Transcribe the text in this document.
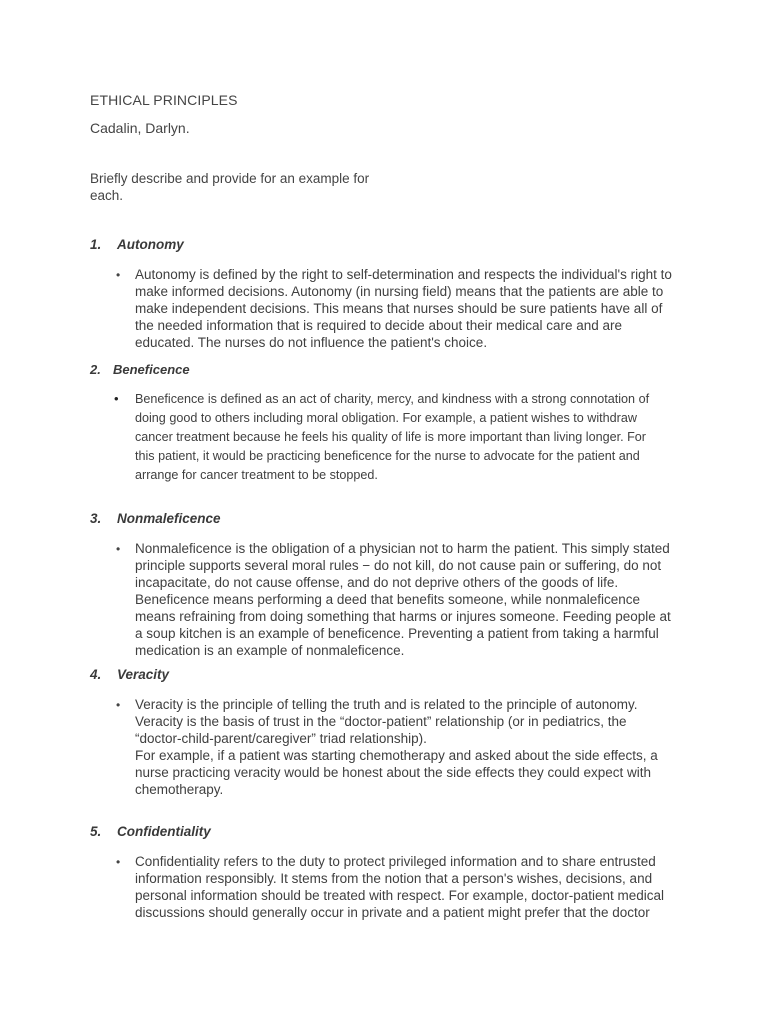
ETHICAL PRINCIPLES
Cadalin, Darlyn.
Briefly describe and provide for an example for each.
1. Autonomy
• Autonomy is defined by the right to self-determination and respects the individual's right to make informed decisions. Autonomy (in nursing field) means that the patients are able to make independent decisions. This means that nurses should be sure patients have all of the needed information that is required to decide about their medical care and are educated. The nurses do not influence the patient's choice.
2. Beneficence
• Beneficence is defined as an act of charity, mercy, and kindness with a strong connotation of doing good to others including moral obligation. For example, a patient wishes to withdraw cancer treatment because he feels his quality of life is more important than living longer. For this patient, it would be practicing beneficence for the nurse to advocate for the patient and arrange for cancer treatment to be stopped.
3. Nonmaleficence
• Nonmaleficence is the obligation of a physician not to harm the patient. This simply stated principle supports several moral rules − do not kill, do not cause pain or suffering, do not incapacitate, do not cause offense, and do not deprive others of the goods of life. Beneficence means performing a deed that benefits someone, while nonmaleficence means refraining from doing something that harms or injures someone. Feeding people at a soup kitchen is an example of beneficence. Preventing a patient from taking a harmful medication is an example of nonmaleficence.
4. Veracity
• Veracity is the principle of telling the truth and is related to the principle of autonomy. Veracity is the basis of trust in the “doctor-patient” relationship (or in pediatrics, the “doctor-child-parent/caregiver” triad relationship).

For example, if a patient was starting chemotherapy and asked about the side effects, a nurse practicing veracity would be honest about the side effects they could expect with chemotherapy.

5. Confidentiality
• Confidentiality refers to the duty to protect privileged information and to share entrusted information responsibly. It stems from the notion that a person's wishes, decisions, and personal information should be treated with respect. For example, doctor-patient medical discussions should generally occur in private and a patient might prefer that the doctor
